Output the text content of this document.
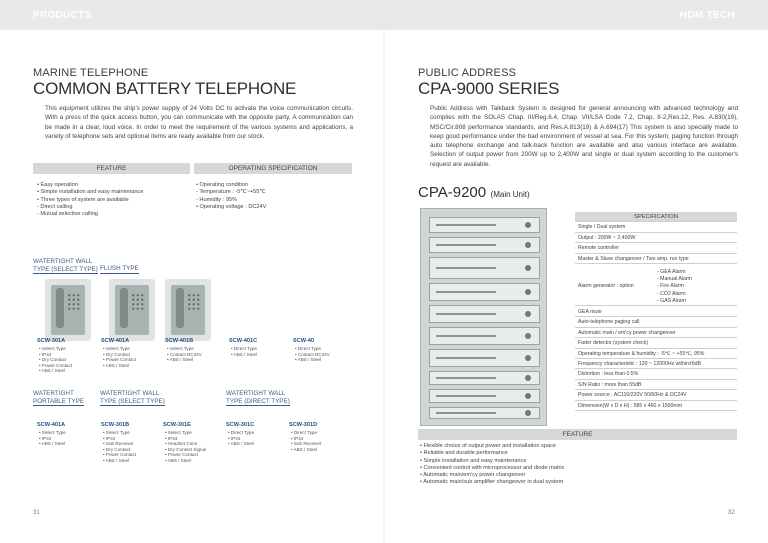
PRODUCTS	HDM TECH
MARINE TELEPHONE
COMMON BATTERY TELEPHONE

This equipment utilizes the ship's power supply of 24 Volts DC to activate the voice communication circuits. With a press of the quick access button, you can communicate with the opposite party. A communication can be made in a clear, loud voice. In order to meet the requirement of the various systems and applications, a variety of telephone sets and optional items are ready available from our stock.

FEATURE	OPERATING SPECIFICATION
• Easy operation
• Simple installation and easy maintenance
• Three types of system are available
- Direct calling
- Mutual selective calling
• Operating condition
- Temperature : -5℃~+55℃
- Humidity : 95%
• Operating voltage : DC24V
WATERTIGHT WALL
TYPE (SELECT TYPE) FLUSH TYPE
SCW-301A
• Select Type
• IP44
• Dry Contact
• Power Contact
• ABS / Steel
SCW-401A
• Select Type
• Dry Contact
• Power Contact
• ABS / Steel
SCW-401B
• Select Type
• Contact DC24V
• ABS / Steel
SCW-401C
• Direct Type
• ABS / Steel
SCW-40
• Direct Type
• Contact DC24V
• ABS / Steel
WATERTIGHT
PORTABLE TYPE
WATERTIGHT WALL
TYPE (SELECT TYPE)
WATERTIGHT WALL
TYPE (DIRECT TYPE)
SCW-401A
• Select Type
• IP44
• ABS / Steel
SCW-301B
• Select Type
• IP44
• Sub Receiver
• Dry Contact
• Power Contact
• ABS / Steel
SCW-301E
• Select Type
• IP44
• Headset Conn
• Dry Contact Signal
• Power Contact
• ABS / Steel
SCW-301C
• Direct Type
• IP44
• ABS / Steel
SCW-301D
• Direct Type
• IP44
• Sub Receiver
• ABS / Steel
31
PUBLIC ADDRESS
CPA-9000 SERIES

Public Address with Talkback System is designed for general announcing with advanced technology and complies with the SOLAS Chap. III/Reg.6.4, Chap. VII/LSA Code 7.2, Chap. II-2,Res.12, Res. A.830(19), MSC/Cir.808 performance standards, and Res.A.813(19) & A.694(17) This system is also specially made to keep good performance under the bad environment of vessel at sea. For this system, paging function through auto telephone exchange and talk-back function are available and also various interface are available. Selection of output power from 200W up to 2,400W and single or dual system according to the customer's request are available.

CPA-9200 (Main Unit)
SPECIFICATION
Single / Dual system
Output : 200W ~ 2,400W
Remote controller
Master & Slave changeover / Two amp. run type
Alarm generator : option
- GEA Alarm
- Manual Alarm
- Fire Alarm
- CO2 Alarm
- GAS Alram
GEA mute
Auto-telephone paging call
Automatic main / em'cy power changeover
Fader detector (system check)
Operating temperature & humidity : -5℃ ~ +55℃, 95%
Frequency characteristic : 120 ~ 12000Hz within±6dB
Distortion : less than 0.5%
S/N Ratio : more than 55dB
Power source : AC110/220V 50/60Hz & DC24V
Dimension(W x D x H) : 585 x 460 x 1500mm
FEATURE
• Flexible choice of output power and installation space
• Reliable and durable performance
• Simple installation and easy maintenance
• Convenient control with microprocessor and diode matrix
• Automatic main/em'cy power changeover
• Automatic main/sub amplifier changeover in dual system
32
